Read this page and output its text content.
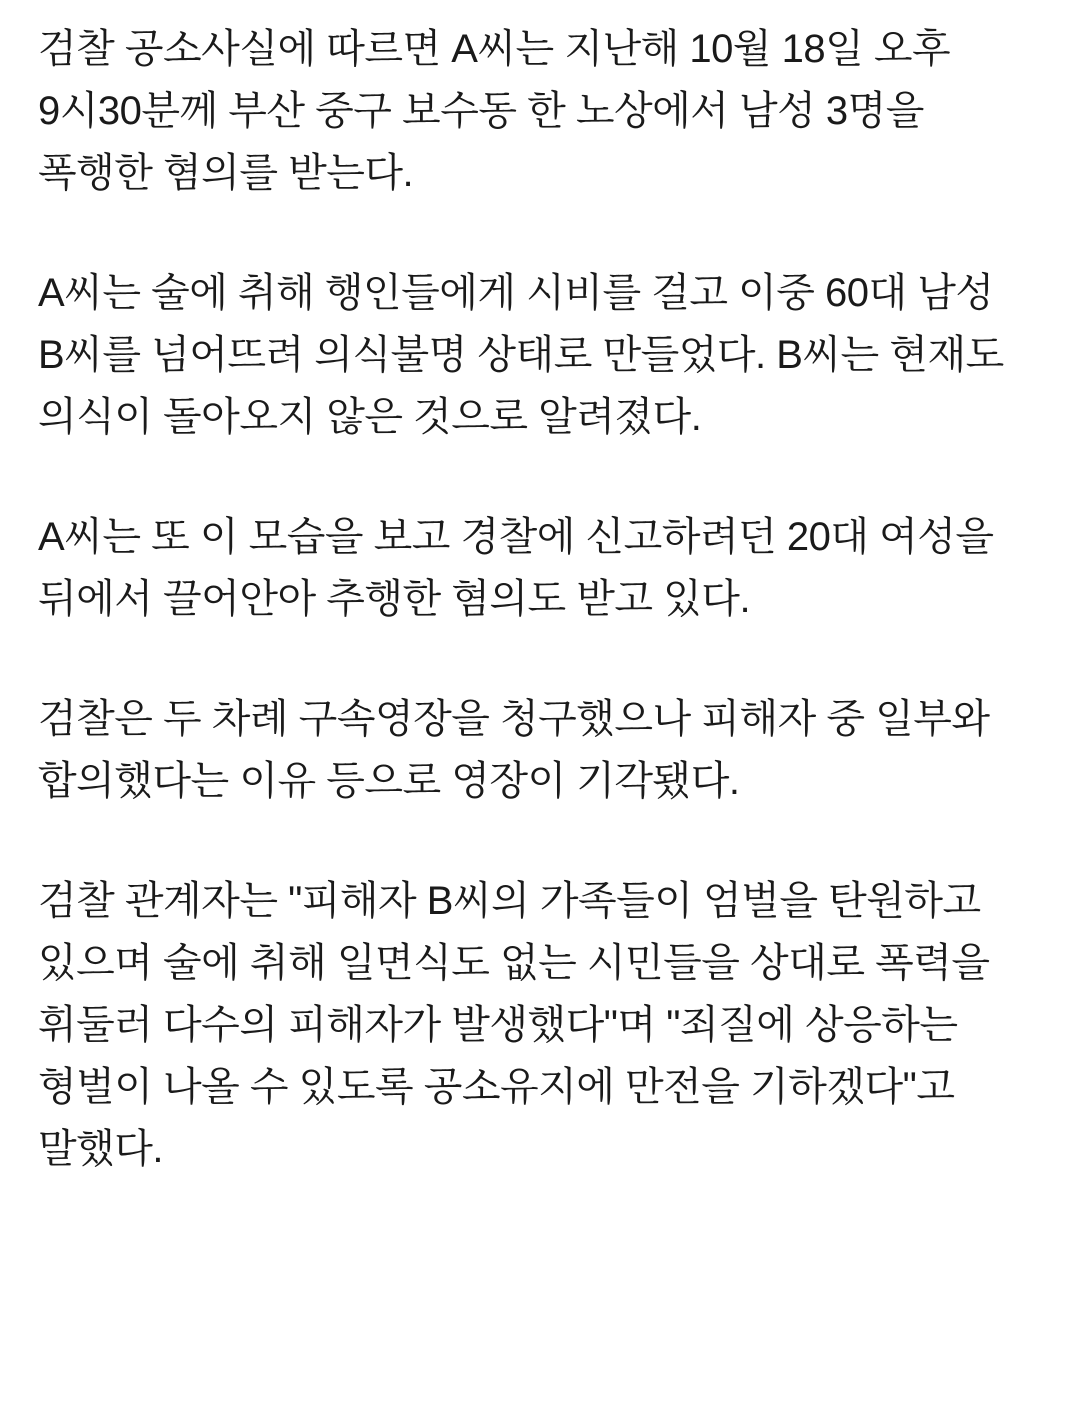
검찰 공소사실에 따르면 A씨는 지난해 10월 18일 오후 9시30분께 부산 중구 보수동 한 노상에서 남성 3명을 폭행한 혐의를 받는다.

A씨는 술에 취해 행인들에게 시비를 걸고 이중 60대 남성 B씨를 넘어뜨려 의식불명 상태로 만들었다. B씨는 현재도 의식이 돌아오지 않은 것으로 알려졌다.

A씨는 또 이 모습을 보고 경찰에 신고하려던 20대 여성을 뒤에서 끌어안아 추행한 혐의도 받고 있다.

검찰은 두 차례 구속영장을 청구했으나 피해자 중 일부와 합의했다는 이유 등으로 영장이 기각됐다.

검찰 관계자는 "피해자 B씨의 가족들이 엄벌을 탄원하고 있으며 술에 취해 일면식도 없는 시민들을 상대로 폭력을 휘둘러 다수의 피해자가 발생했다"며 "죄질에 상응하는 형벌이 나올 수 있도록 공소유지에 만전을 기하겠다"고 말했다.
